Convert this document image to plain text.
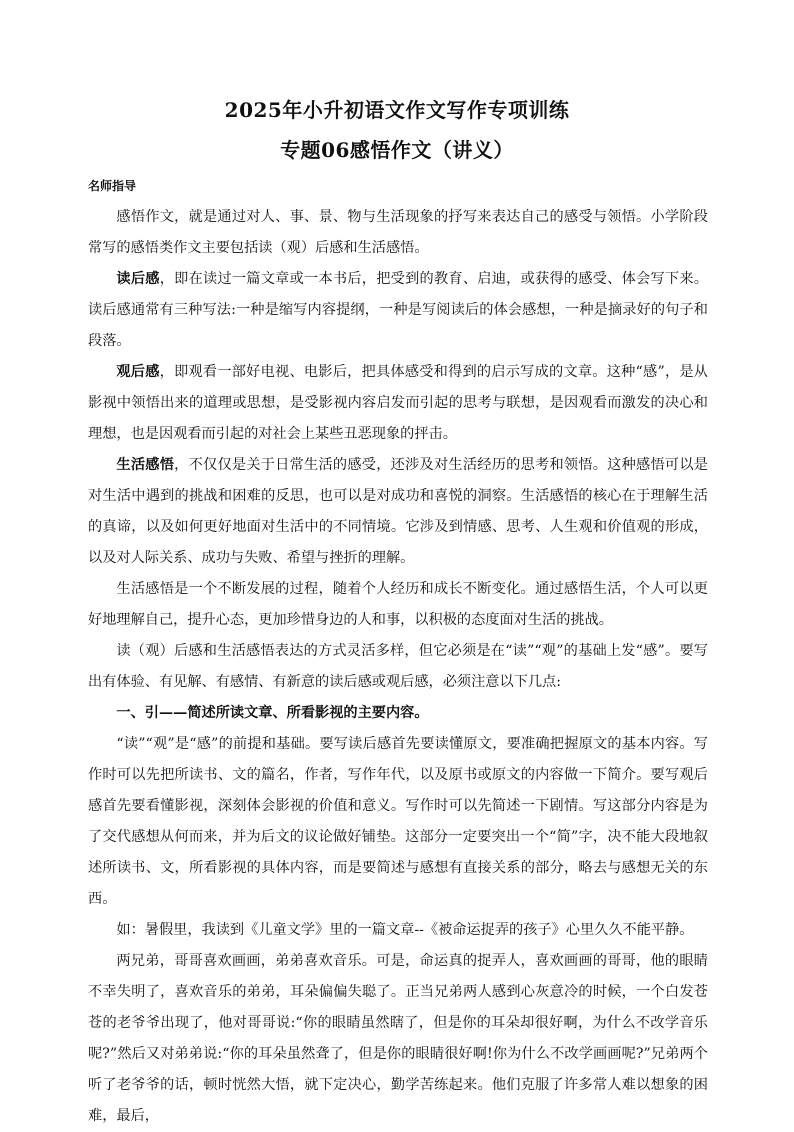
2025年小升初语文作文写作专项训练
专题06感悟作文（讲义）
名师指导

感悟作文，就是通过对人、事、景、物与生活现象的抒写来表达自己的感受与领悟。小学阶段常写的感悟类作文主要包括读（观）后感和生活感悟。

读后感，即在读过一篇文章或一本书后，把受到的教育、启迪，或获得的感受、体会写下来。读后感通常有三种写法:一种是缩写内容提纲，一种是写阅读后的体会感想，一种是摘录好的句子和段落。

观后感，即观看一部好电视、电影后，把具体感受和得到的启示写成的文章。这种“感”，是从影视中领悟出来的道理或思想，是受影视内容启发而引起的思考与联想，是因观看而激发的决心和理想，也是因观看而引起的对社会上某些丑恶现象的抨击。

生活感悟，不仅仅是关于日常生活的感受，还涉及对生活经历的思考和领悟。这种感悟可以是对生活中遇到的挑战和困难的反思，也可以是对成功和喜悦的洞察。生活感悟的核心在于理解生活的真谛，以及如何更好地面对生活中的不同情境。它涉及到情感、思考、人生观和价值观的形成，以及对人际关系、成功与失败、希望与挫折的理解。

生活感悟是一个不断发展的过程，随着个人经历和成长不断变化。通过感悟生活，个人可以更好地理解自己，提升心态，更加珍惜身边的人和事，以积极的态度面对生活的挑战。

读（观）后感和生活感悟表达的方式灵活多样，但它必须是在“读”“观”的基础上发“感”。要写出有体验、有见解、有感情、有新意的读后感或观后感，必须注意以下几点:

一、引——简述所读文章、所看影视的主要内容。

“读”“观”是“感”的前提和基础。要写读后感首先要读懂原文，要准确把握原文的基本内容。写作时可以先把所读书、文的篇名，作者，写作年代，以及原书或原文的内容做一下简介。要写观后感首先要看懂影视，深刻体会影视的价值和意义。写作时可以先简述一下剧情。写这部分内容是为了交代感想从何而来，并为后文的议论做好铺垫。这部分一定要突出一个“简”字，决不能大段地叙述所读书、文，所看影视的具体内容，而是要简述与感想有直接关系的部分，略去与感想无关的东西。

如：暑假里，我读到《儿童文学》里的一篇文章--《被命运捉弄的孩子》心里久久不能平静。

两兄弟，哥哥喜欢画画，弟弟喜欢音乐。可是，命运真的捉弄人，喜欢画画的哥哥，他的眼睛不幸失明了，喜欢音乐的弟弟，耳朵偏偏失聪了。正当兄弟两人感到心灰意冷的时候，一个白发苍苍的老爷爷出现了，他对哥哥说:“你的眼睛虽然瞎了，但是你的耳朵却很好啊，为什么不改学音乐呢?”然后又对弟弟说:“你的耳朵虽然聋了，但是你的眼睛很好啊!你为什么不改学画画呢?”兄弟两个听了老爷爷的话，顿时恍然大悟，就下定决心，勤学苦练起来。他们克服了许多常人难以想象的困难，最后，
